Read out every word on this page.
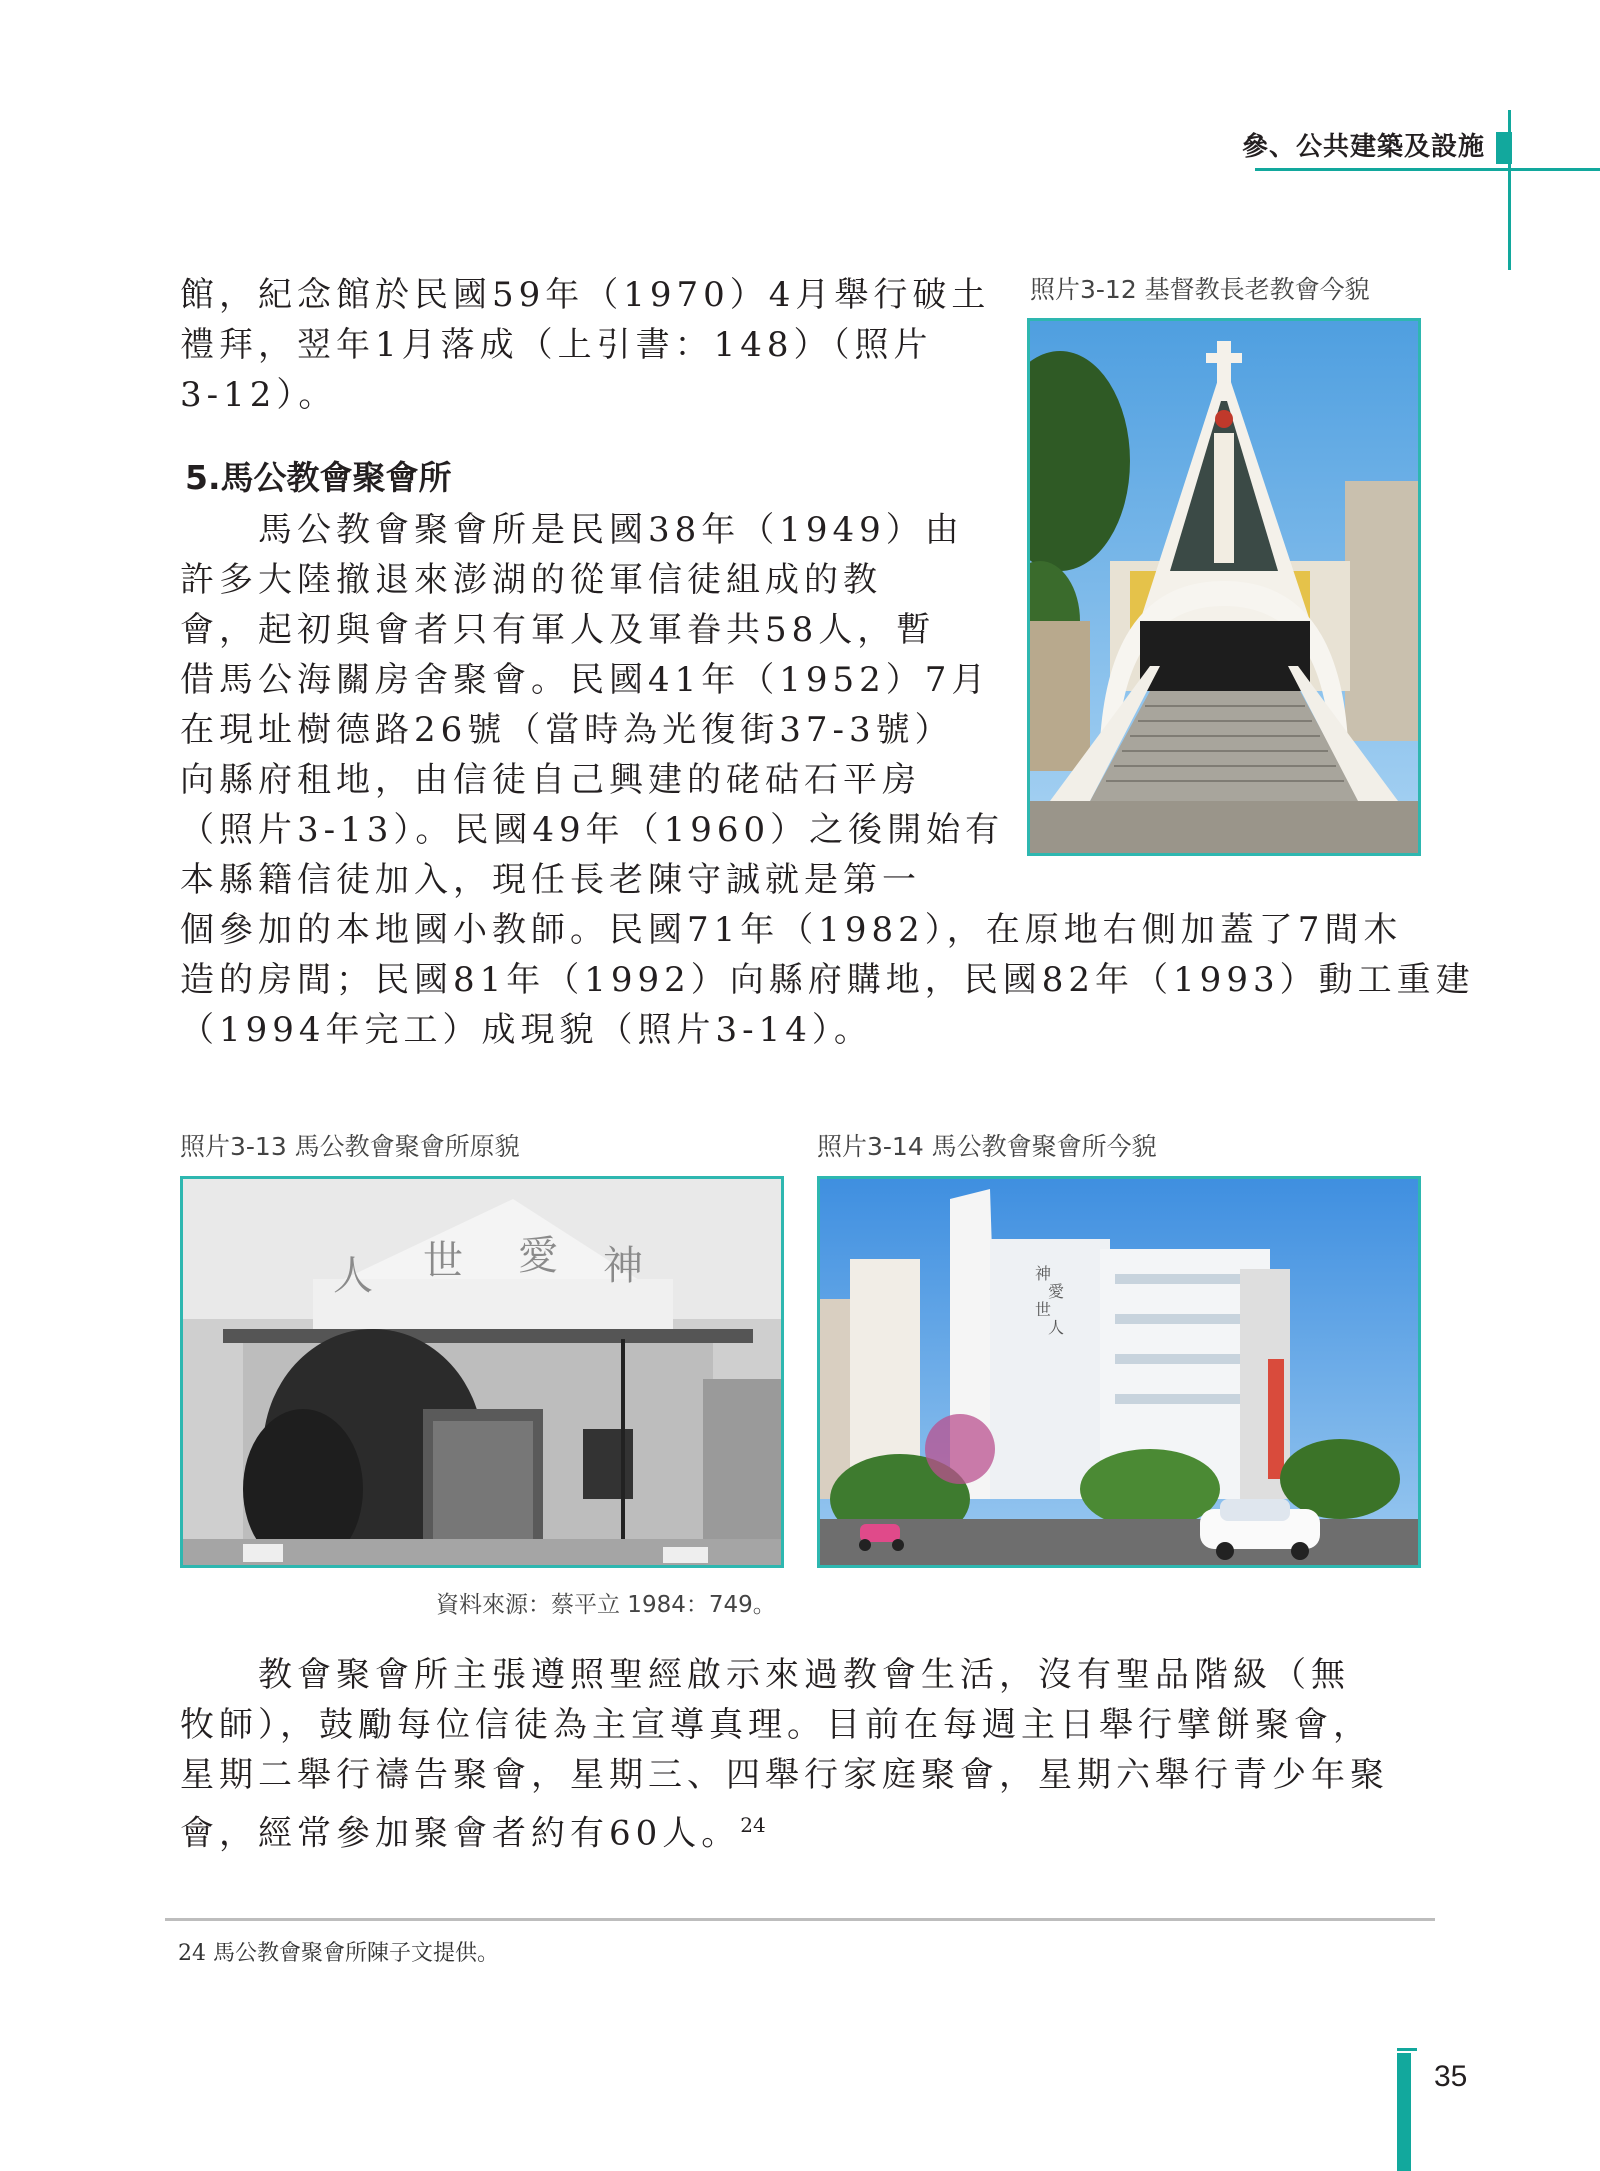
參、公共建築及設施
館，紀念館於民國59年（1970）4月舉行破土
禮拜，翌年1月落成（上引書：148）（照片
3-12）。
照片3-12 基督教長老教會今貌
5.馬公教會聚會所
馬公教會聚會所是民國38年（1949）由
許多大陸撤退來澎湖的從軍信徒組成的教
會，起初與會者只有軍人及軍眷共58人，暫
借馬公海關房舍聚會。民國41年（1952）7月
在現址樹德路26號（當時為光復街37-3號）
向縣府租地，由信徒自己興建的硓𥑮石平房
（照片3-13）。民國49年（1960）之後開始有
本縣籍信徒加入，現任長老陳守誠就是第一
個參加的本地國小教師。民國71年（1982），在原地右側加蓋了7間木
造的房間；民國81年（1992）向縣府購地，民國82年（1993）動工重建
（1994年完工）成現貌（照片3-14）。
照片3-13 馬公教會聚會所原貌	照片3-14 馬公教會聚會所今貌
人 世 愛 神	神
愛
世
人
資料來源：蔡平立 1984：749。
教會聚會所主張遵照聖經啟示來過教會生活，沒有聖品階級（無
牧師），鼓勵每位信徒為主宣導真理。目前在每週主日舉行擘餅聚會，
星期二舉行禱告聚會，星期三、四舉行家庭聚會，星期六舉行青少年聚
會，經常參加聚會者約有60人。$^{24}$
24 馬公教會聚會所陳子文提供。
35
